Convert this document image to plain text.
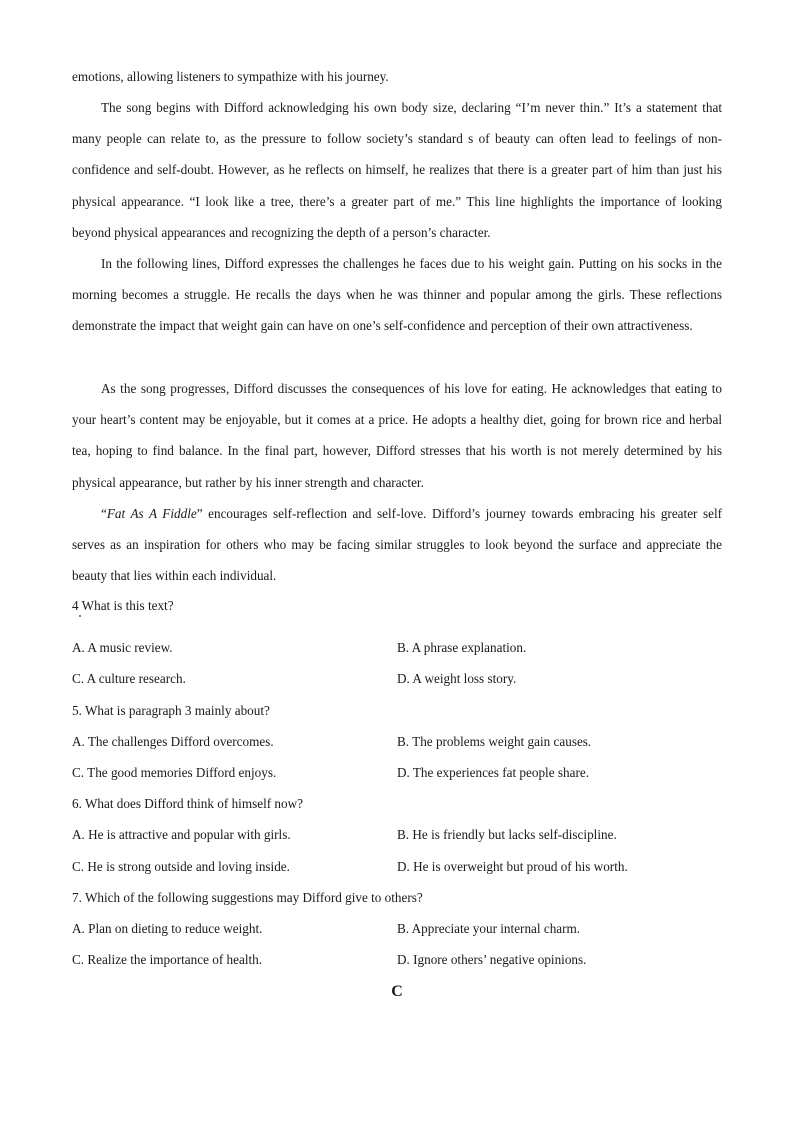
emotions, allowing listeners to sympathize with his journey.

The song begins with Difford acknowledging his own body size, declaring “I’m never thin.” It’s a statement that many people can relate to, as the pressure to follow society’s standard s of beauty can often lead to feelings of non-confidence and self-doubt. However, as he reflects on himself, he realizes that there is a greater part of him than just his physical appearance. “I look like a tree, there’s a greater part of me.” This line highlights the importance of looking beyond physical appearances and recognizing the depth of a person’s character.

In the following lines, Difford expresses the challenges he faces due to his weight gain. Putting on his socks in the morning becomes a struggle. He recalls the days when he was thinner and popular among the girls. These reflections demonstrate the impact that weight gain can have on one’s self-confidence and perception of their own attractiveness.

As the song progresses, Difford discusses the consequences of his love for eating. He acknowledges that eating to your heart’s content may be enjoyable, but it comes at a price. He adopts a healthy diet, going for brown rice and herbal tea, hoping to find balance. In the final part, however, Difford stresses that his worth is not merely determined by his physical appearance, but rather by his inner strength and character.

“Fat As A Fiddle” encourages self-reflection and self-love. Difford’s journey towards embracing his greater self serves as an inspiration for others who may be facing similar struggles to look beyond the surface and appreciate the beauty that lies within each individual.

4 What is this text?

A. A music review.	B. A phrase explanation.

C. A culture research.	D. A weight loss story.

5. What is paragraph 3 mainly about?

A. The challenges Difford overcomes.	B. The problems weight gain causes.

C. The good memories Difford enjoys.	D. The experiences fat people share.

6. What does Difford think of himself now?

A. He is attractive and popular with girls.	B. He is friendly but lacks self-discipline.

C. He is strong outside and loving inside.	D. He is overweight but proud of his worth.

7. Which of the following suggestions may Difford give to others?

A. Plan on dieting to reduce weight.	B. Appreciate your internal charm.

C. Realize the importance of health.	D. Ignore others’ negative opinions.

C
